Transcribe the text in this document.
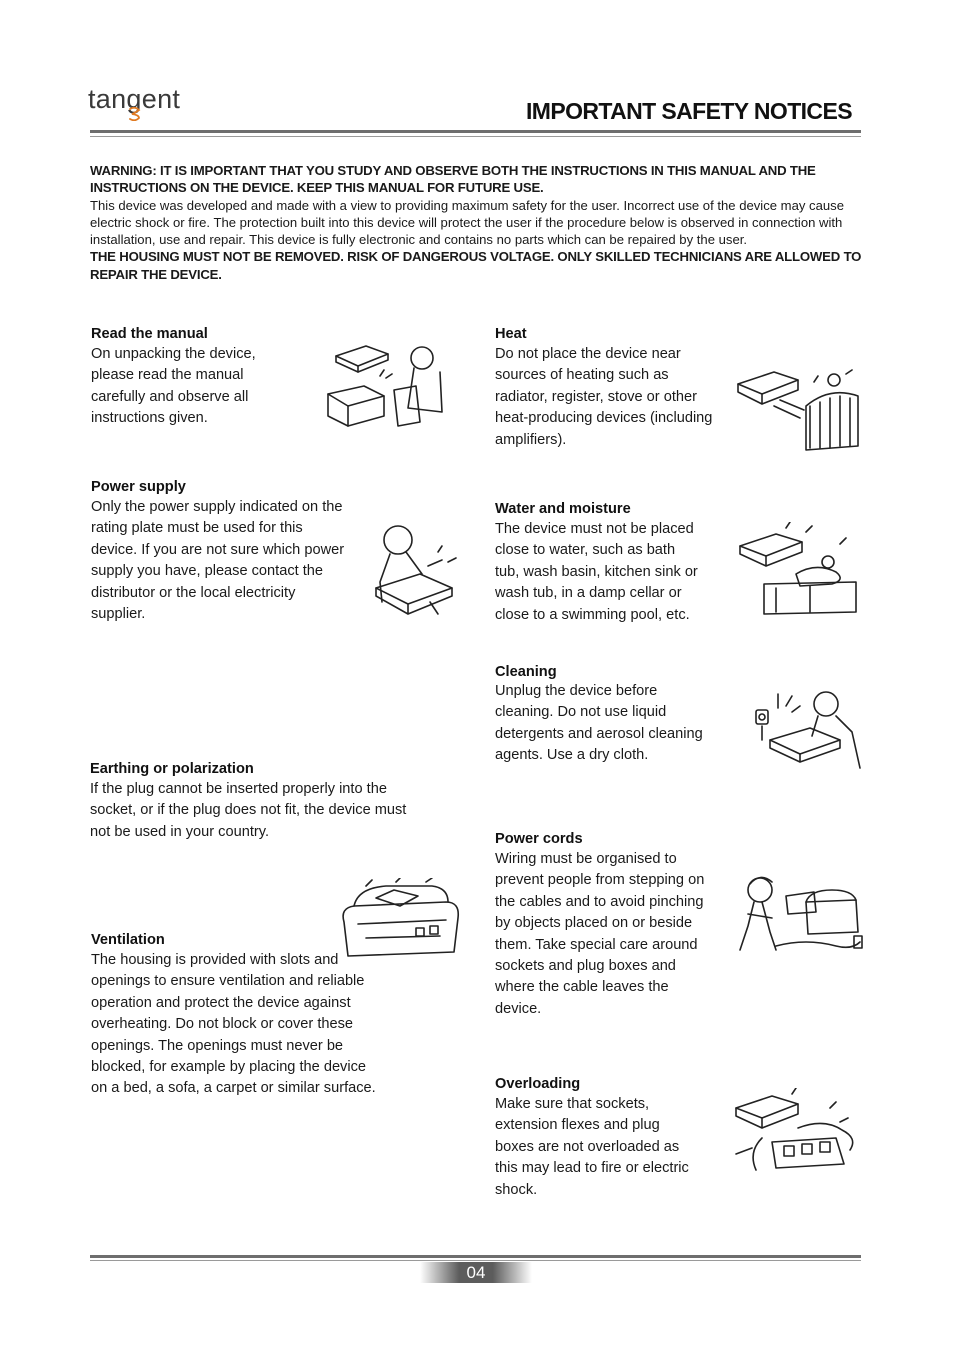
tangent	IMPORTANT SAFETY NOTICES

WARNING: IT IS IMPORTANT THAT YOU STUDY AND OBSERVE BOTH THE INSTRUCTIONS IN THIS MANUAL AND THE INSTRUCTIONS ON THE DEVICE. KEEP THIS MANUAL FOR FUTURE USE.

This device was developed and made with a view to providing maximum safety for the user. Incorrect use of the device may cause electric shock or fire. The protection built into this device will protect the user if the procedure below is observed in connection with installation, use and repair. This device is fully electronic and contains no parts which can be repaired by the user.

THE HOUSING MUST NOT BE REMOVED. RISK OF DANGEROUS VOLTAGE. ONLY SKILLED TECHNICIANS ARE ALLOWED TO REPAIR THE DEVICE.

Read the manual

On unpacking the device,

please read the manual

carefully and observe all

instructions given.

Power supply

Only the power supply indicated on the

rating plate must be used for this

device. If you are not sure which power

supply you have, please contact the

distributor or the local electricity

supplier.

Earthing or polarization

If the plug cannot be inserted properly into the

socket, or if the plug does not fit, the device must

not be used in your country.

Ventilation

The housing is provided with slots and

openings to ensure ventilation and reliable

operation and protect the device against

overheating. Do not block or cover these

openings. The openings must never be

blocked, for example by placing the device

on a bed, a sofa, a carpet or similar surface.

Heat

Do not place the device near

sources of heating such as

radiator, register, stove or other

heat-producing devices (including

amplifiers).

Water and moisture

The device must not be placed

close to water, such as bath

tub, wash basin, kitchen sink or

wash tub, in a damp cellar or

close to a swimming pool, etc.

Cleaning

Unplug the device before

cleaning. Do not use liquid

detergents and aerosol cleaning

agents. Use a dry cloth.

Power cords

Wiring must be organised to

prevent people from stepping on

the cables and to avoid pinching

by objects placed on or beside

them. Take special care around

sockets and plug boxes and

where the cable leaves the

device.

Overloading

Make sure that sockets,

extension flexes and plug

boxes are not overloaded as

this may lead to fire or electric

shock.

04
